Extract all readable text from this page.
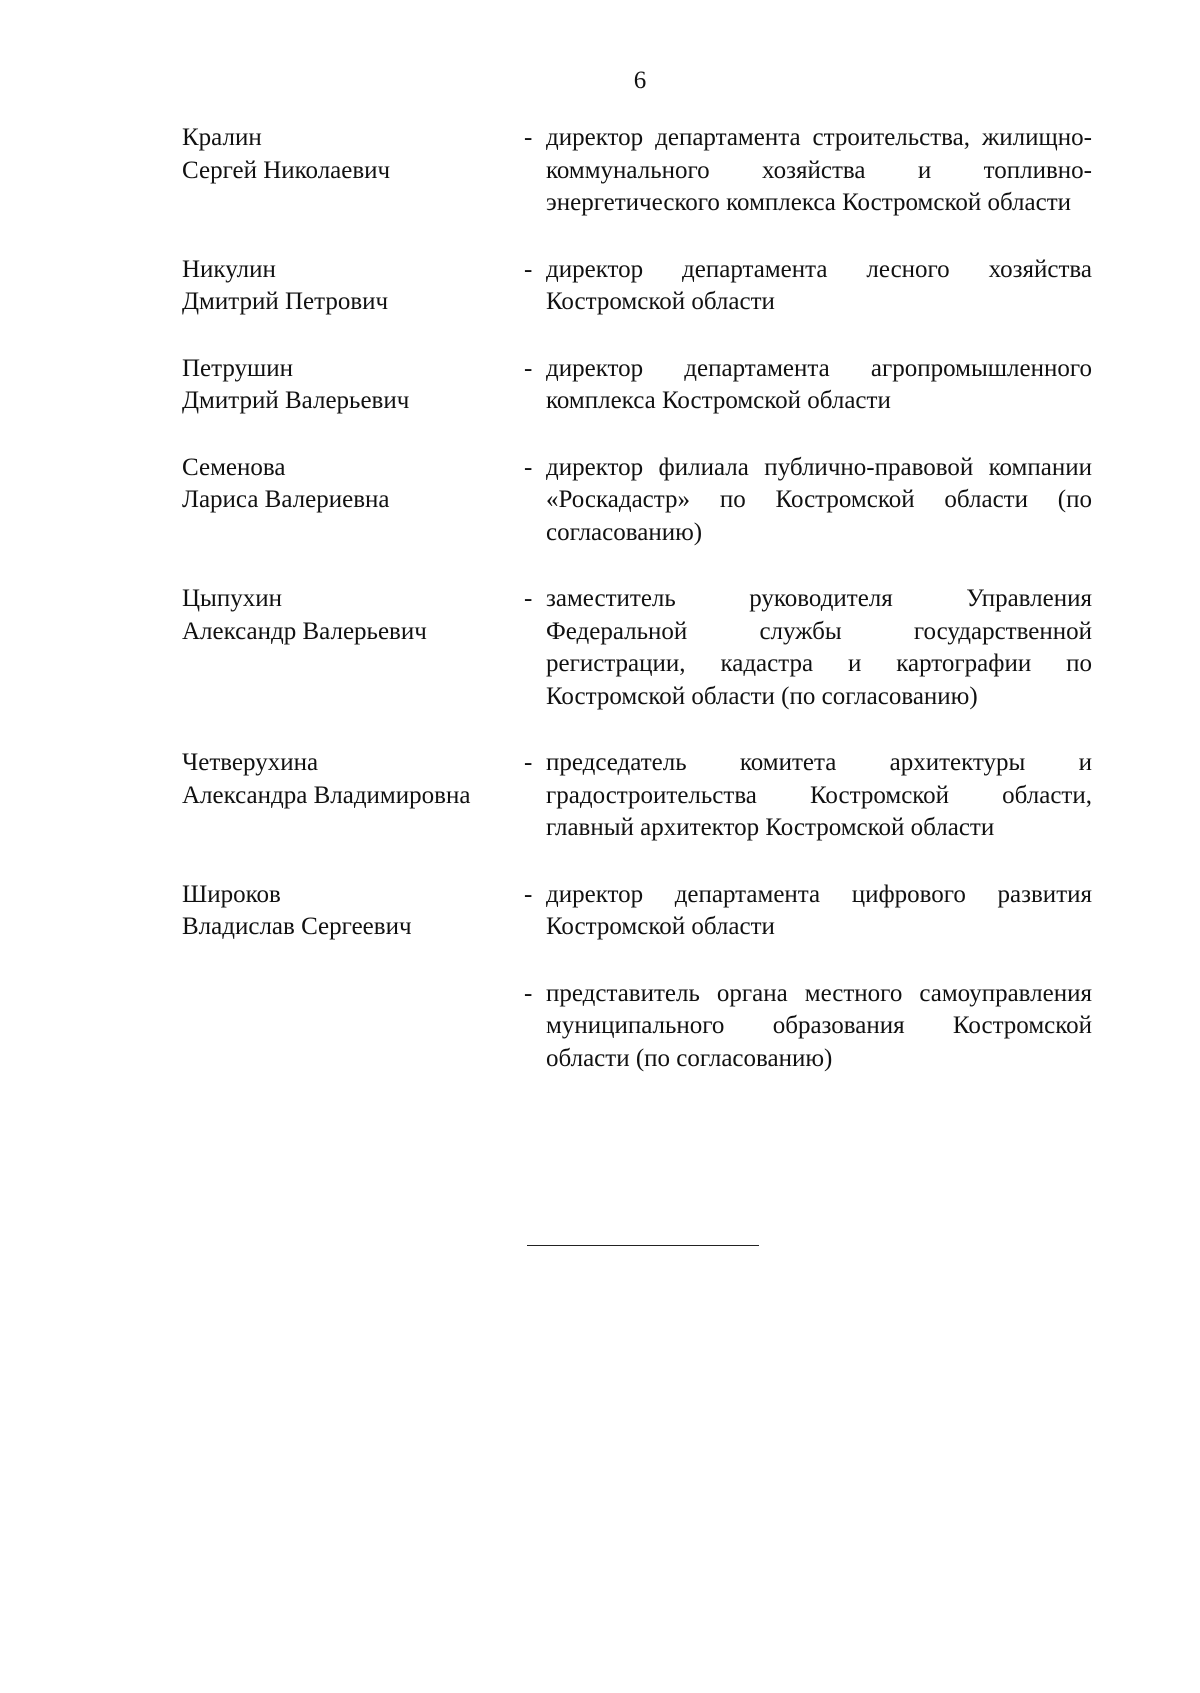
6
Кралин
Сергей Николаевич
- директор департамента строительства, жилищно-коммунального хозяйства и топливно-энергетического комплекса Костромской области
Никулин
Дмитрий Петрович
- директор департамента лесного хозяйства Костромской области
Петрушин
Дмитрий Валерьевич
- директор департамента агропромышленного комплекса Костромской области
Семенова
Лариса Валериевна
- директор филиала публично-правовой компании «Роскадастр» по Костромской области (по согласованию)
Цыпухин
Александр Валерьевич
- заместитель руководителя Управления Федеральной службы государственной регистрации, кадастра и картографии по Костромской области (по согласованию)
Четверухина
Александра Владимировна
- председатель комитета архитектуры и градостроительства Костромской области, главный архитектор Костромской области
Широков
Владислав Сергеевич
- директор департамента цифрового развития Костромской области
- представитель органа местного самоуправления муниципального образования Костромской области (по согласованию)
